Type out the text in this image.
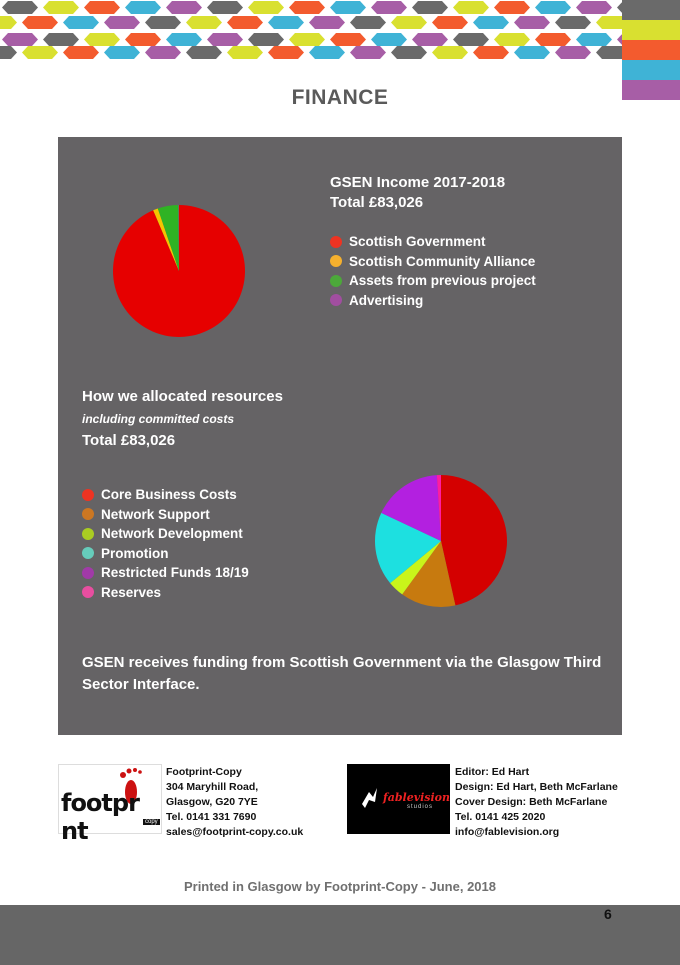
FINANCE
GSEN Income 2017-2018
Total £83,026
Scottish Government
Scottish Community Alliance
Assets from previous project
Advertising
How we allocated resources
including committed costs
Total £83,026
Core Business Costs
Network Support
Network Development
Promotion
Restricted Funds 18/19
Reserves
GSEN receives funding from Scottish Government via the Glasgow Third Sector Interface.
footpr nt	copy
Footprint-Copy
304 Maryhill Road,
Glasgow, G20 7YE
Tel. 0141 331 7690
sales@footprint-copy.co.uk
fablevision
studios
Editor: Ed Hart
Design: Ed Hart, Beth McFarlane
Cover Design: Beth McFarlane
Tel. 0141 425 2020
info@fablevision.org
Printed in Glasgow by Footprint-Copy - June, 2018
6
